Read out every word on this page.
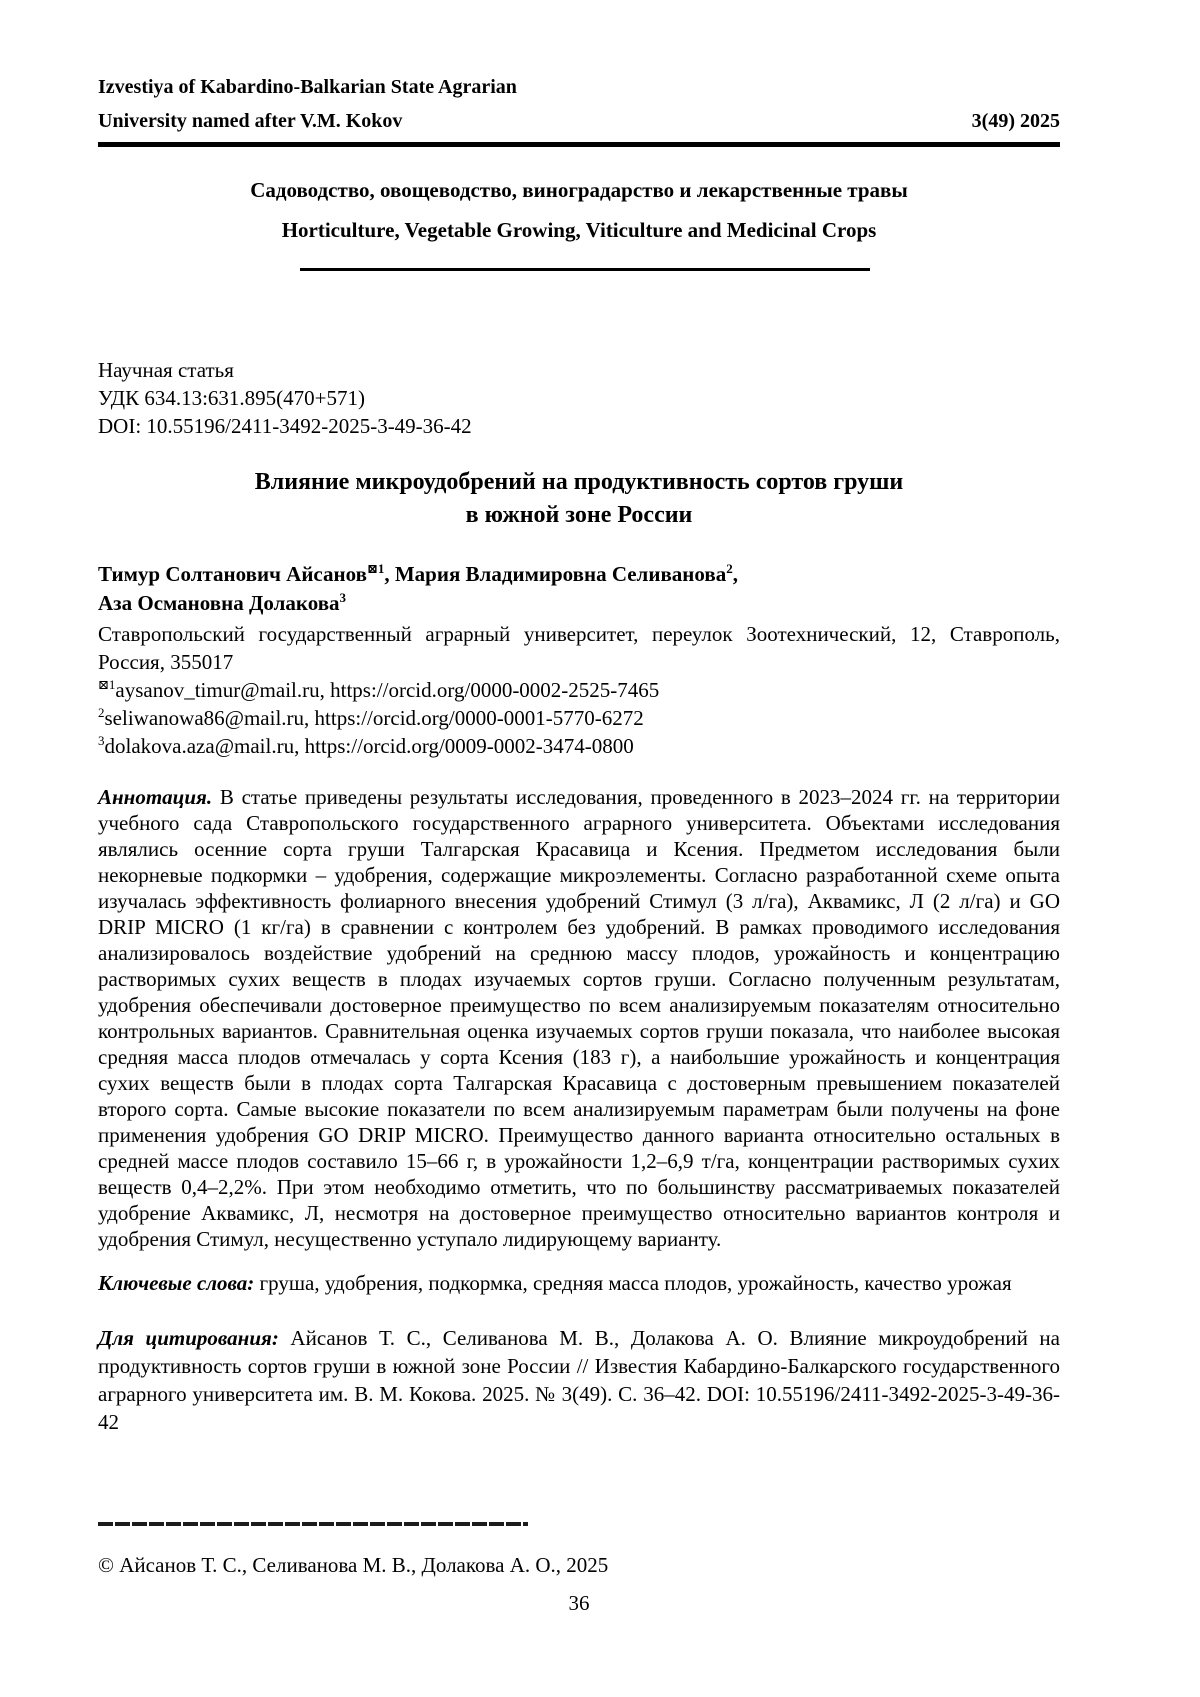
Izvestiya of Kabardino-Balkarian State Agrarian
University named after V.M. Kokov	3(49) 2025
Садоводство, овощеводство, виноградарство и лекарственные травы
Horticulture, Vegetable Growing, Viticulture and Medicinal Crops
Научная статья
УДК 634.13:631.895(470+571)
DOI: 10.55196/2411-3492-2025-3-49-36-42
Влияние микроудобрений на продуктивность сортов груши
в южной зоне России

Тимур Солтанович Айсанов$^{⊠1}$, Мария Владимировна Селиванова$^2$,
Аза Османовна Долакова$^3$

Ставропольский государственный аграрный университет, переулок Зоотехнический, 12, Ставрополь, Россия, 355017

$^{⊠1}$aysanov_timur@mail.ru, https://orcid.org/0000-0002-2525-7465
$^2$seliwanowa86@mail.ru, https://orcid.org/0000-0001-5770-6272
$^3$dolakova.aza@mail.ru, https://orcid.org/0009-0002-3474-0800

Аннотация. В статье приведены результаты исследования, проведенного в 2023–2024 гг. на территории учебного сада Ставропольского государственного аграрного университета. Объектами исследования являлись осенние сорта груши Талгарская Красавица и Ксения. Предметом исследования были некорневые подкормки – удобрения, содержащие микроэлементы. Согласно разработанной схеме опыта изучалась эффективность фолиарного внесения удобрений Стимул (3 л/га), Аквамикс, Л (2 л/га) и GO DRIP MICRO (1 кг/га) в сравнении с контролем без удобрений. В рамках проводимого исследования анализировалось воздействие удобрений на среднюю массу плодов, урожайность и концентрацию растворимых сухих веществ в плодах изучаемых сортов груши. Согласно полученным результатам, удобрения обеспечивали достоверное преимущество по всем анализируемым показателям относительно контрольных вариантов. Сравнительная оценка изучаемых сортов груши показала, что наиболее высокая средняя масса плодов отмечалась у сорта Ксения (183 г), а наибольшие урожайность и концентрация сухих веществ были в плодах сорта Талгарская Красавица с достоверным превышением показателей второго сорта. Самые высокие показатели по всем анализируемым параметрам были получены на фоне применения удобрения GO DRIP MICRO. Преимущество данного варианта относительно остальных в средней массе плодов составило 15–66 г, в урожайности 1,2–6,9 т/га, концентрации растворимых сухих веществ 0,4–2,2%. При этом необходимо отметить, что по большинству рассматриваемых показателей удобрение Аквамикс, Л, несмотря на достоверное преимущество относительно вариантов контроля и удобрения Стимул, несущественно уступало лидирующему варианту.

Ключевые слова: груша, удобрения, подкормка, средняя масса плодов, урожайность, качество урожая

Для цитирования: Айсанов Т. С., Селиванова М. В., Долакова А. О. Влияние микроудобрений на продуктивность сортов груши в южной зоне России // Известия Кабардино-Балкарского государственного аграрного университета им. В. М. Кокова. 2025. № 3(49). С. 36–42. DOI: 10.55196/2411-3492-2025-3-49-36-42

© Айсанов Т. С., Селиванова М. В., Долакова А. О., 2025
36
